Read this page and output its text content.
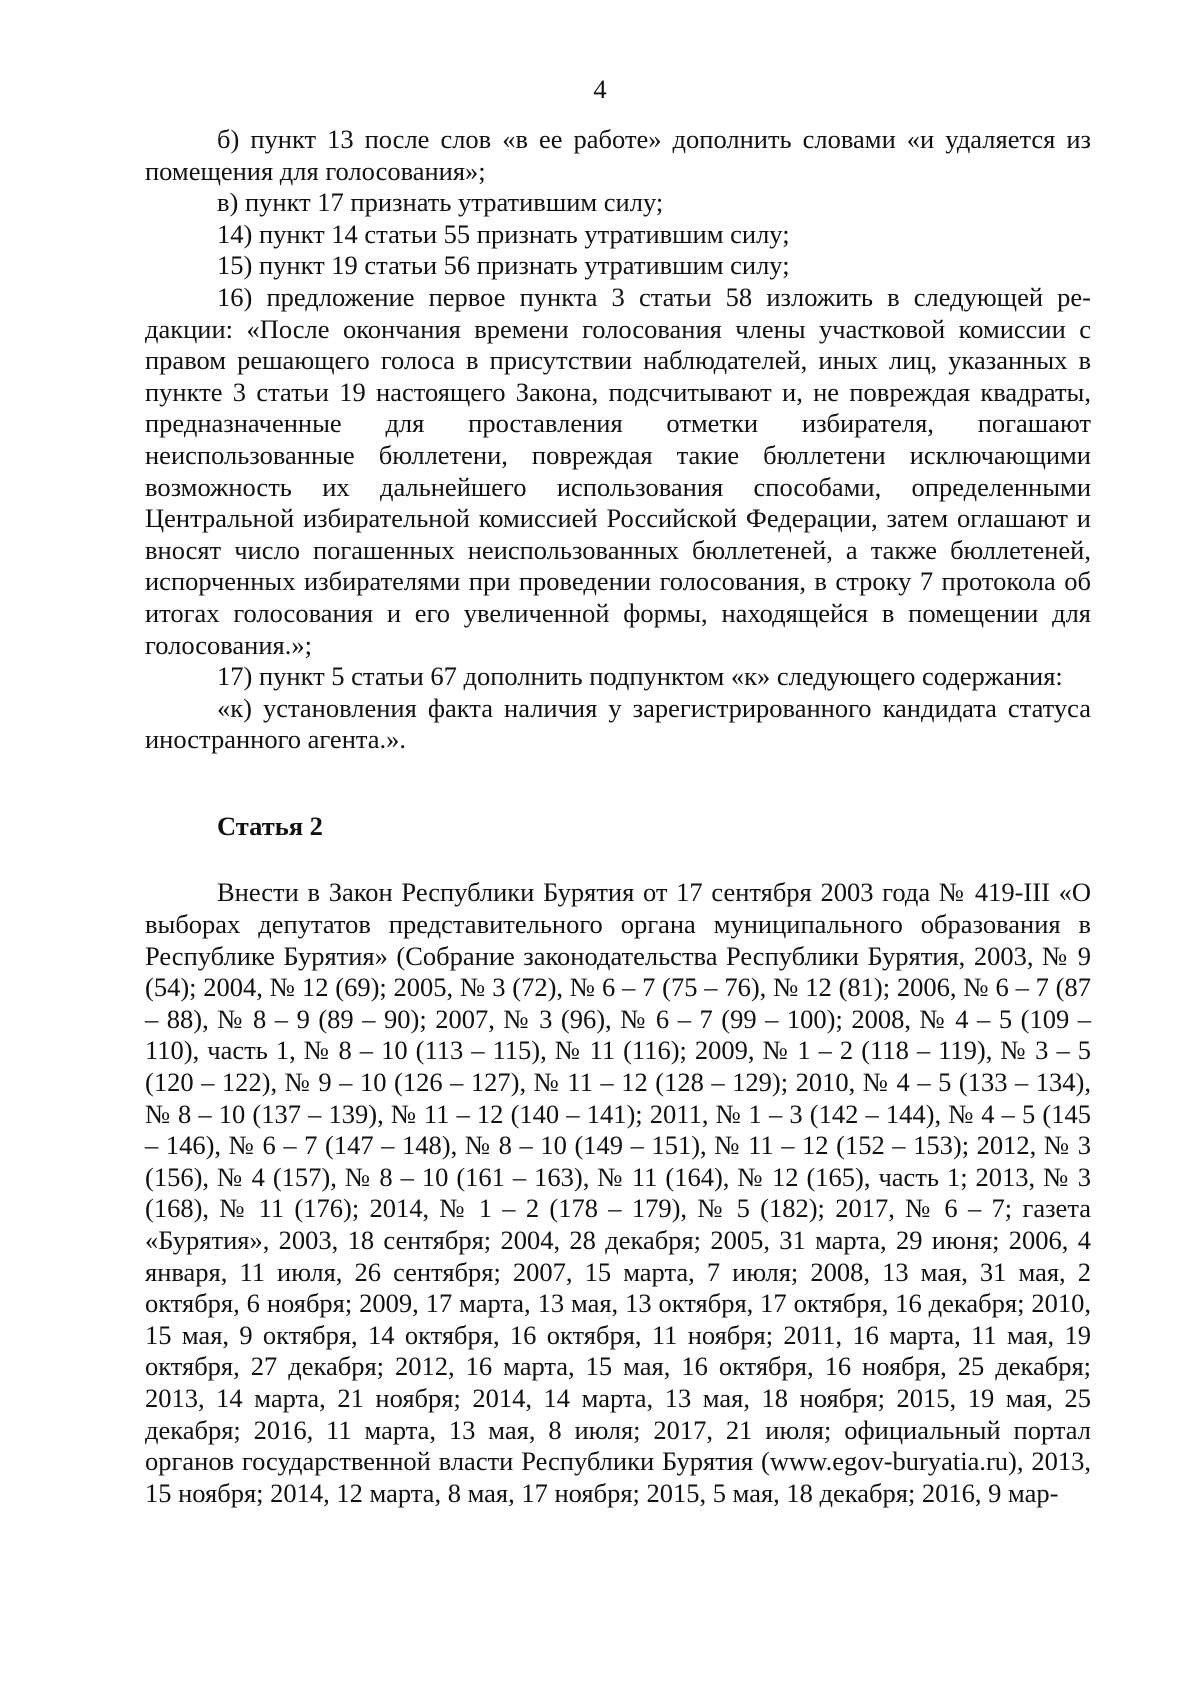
4

б) пункт 13 после слов «в ее работе» дополнить словами «и удаляется из помещения для голосования»;

в) пункт 17 признать утратившим силу;

14) пункт 14 статьи 55 признать утратившим силу;

15) пункт 19 статьи 56 признать утратившим силу;

16) предложение первое пункта 3 статьи 58 изложить в следующей редакции: «После окончания времени голосования члены участковой комиссии с правом решающего голоса в присутствии наблюдателей, иных лиц, указанных в пункте 3 статьи 19 настоящего Закона, подсчитывают и, не повреждая квадраты, предназначенные для проставления отметки избирателя, погашают неиспользованные бюллетени, повреждая такие бюллетени исключающими возможность их дальнейшего использования способами, определенными Центральной избирательной комиссией Российской Федерации, затем оглашают и вносят число погашенных неиспользованных бюллетеней, а также бюллетеней, испорченных избирателями при проведении голосования, в строку 7 протокола об итогах голосования и его увеличенной формы, находящейся в помещении для голосования.»;

17) пункт 5 статьи 67 дополнить подпунктом «к» следующего содержания:

«к) установления факта наличия у зарегистрированного кандидата статуса иностранного агента.».

Статья 2

Внести в Закон Республики Бурятия от 17 сентября 2003 года № 419-III «О выборах депутатов представительного органа муниципального образования в Республике Бурятия» (Собрание законодательства Республики Бурятия, 2003, № 9 (54); 2004, № 12 (69); 2005, № 3 (72), № 6 – 7 (75 – 76), № 12 (81); 2006, № 6 – 7 (87 – 88), № 8 – 9 (89 – 90); 2007, № 3 (96), № 6 – 7 (99 – 100); 2008, № 4 – 5 (109 – 110), часть 1, № 8 – 10 (113 – 115), № 11 (116); 2009, № 1 – 2 (118 – 119), № 3 – 5 (120 – 122), № 9 – 10 (126 – 127), № 11 – 12 (128 – 129); 2010, № 4 – 5 (133 – 134), № 8 – 10 (137 – 139), № 11 – 12 (140 – 141); 2011, № 1 – 3 (142 – 144), № 4 – 5 (145 – 146), № 6 – 7 (147 – 148), № 8 – 10 (149 – 151), № 11 – 12 (152 – 153); 2012, № 3 (156), № 4 (157), № 8 – 10 (161 – 163), № 11 (164), № 12 (165), часть 1; 2013, № 3 (168), № 11 (176); 2014, № 1 – 2 (178 – 179), № 5 (182); 2017, № 6 – 7; газета «Бурятия», 2003, 18 сентября; 2004, 28 декабря; 2005, 31 марта, 29 июня; 2006, 4 января, 11 июля, 26 сентября; 2007, 15 марта, 7 июля; 2008, 13 мая, 31 мая, 2 октября, 6 ноября; 2009, 17 марта, 13 мая, 13 октября, 17 октября, 16 декабря; 2010, 15 мая, 9 октября, 14 октября, 16 октября, 11 ноября; 2011, 16 марта, 11 мая, 19 октября, 27 декабря; 2012, 16 марта, 15 мая, 16 октября, 16 ноября, 25 декабря; 2013, 14 марта, 21 ноября; 2014, 14 марта, 13 мая, 18 ноября; 2015, 19 мая, 25 декабря; 2016, 11 марта, 13 мая, 8 июля; 2017, 21 июля; официальный портал органов государственной власти Республики Бурятия (www.egov-buryatia.ru), 2013, 15 ноября; 2014, 12 марта, 8 мая, 17 ноября; 2015, 5 мая, 18 декабря; 2016, 9 мар-
